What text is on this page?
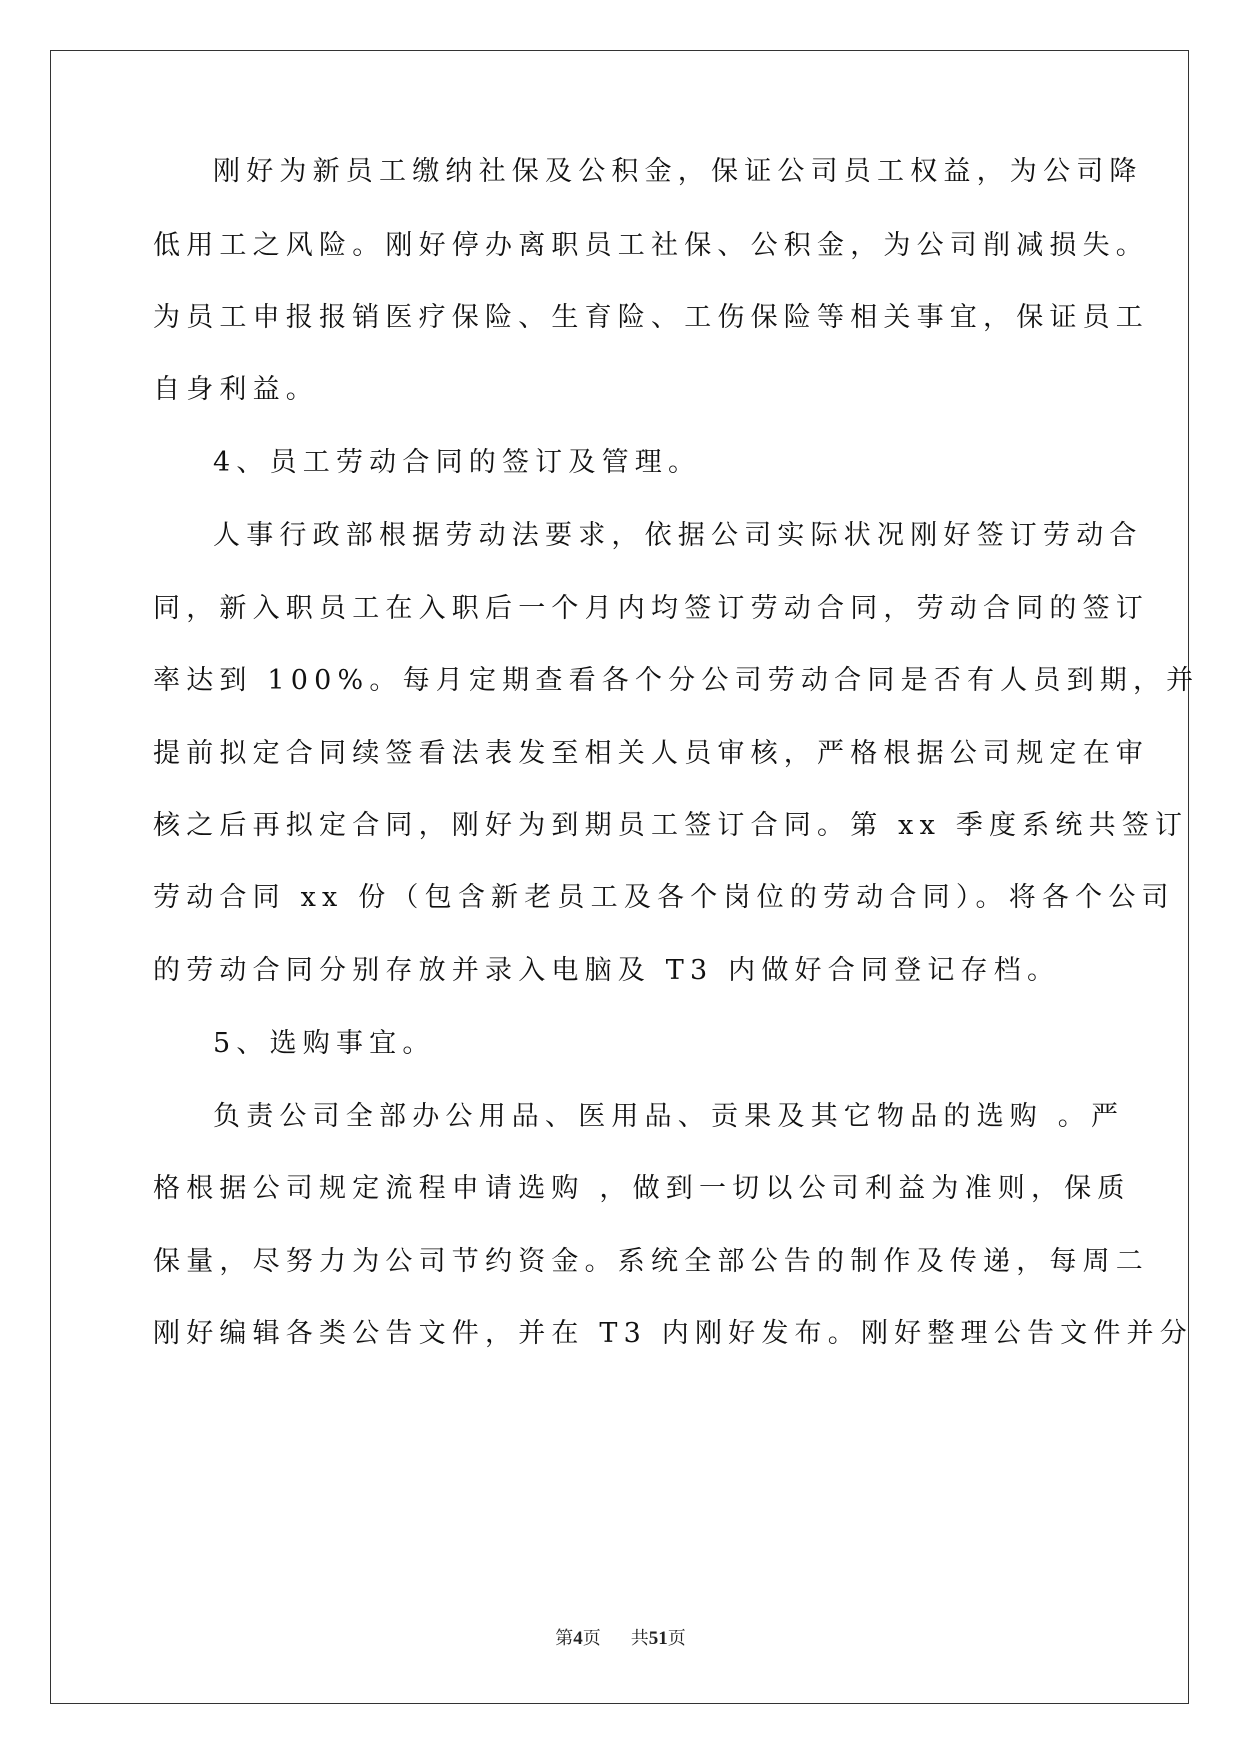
刚好为新员工缴纳社保及公积金，保证公司员工权益，为公司降
低用工之风险。刚好停办离职员工社保、公积金，为公司削减损失。
为员工申报报销医疗保险、生育险、工伤保险等相关事宜，保证员工
自身利益。
4、员工劳动合同的签订及管理。
人事行政部根据劳动法要求，依据公司实际状况刚好签订劳动合
同，新入职员工在入职后一个月内均签订劳动合同，劳动合同的签订
率达到 100%。每月定期查看各个分公司劳动合同是否有人员到期，并
提前拟定合同续签看法表发至相关人员审核，严格根据公司规定在审
核之后再拟定合同，刚好为到期员工签订合同。第 xx 季度系统共签订
劳动合同 xx 份（包含新老员工及各个岗位的劳动合同）。将各个公司
的劳动合同分别存放并录入电脑及 T3 内做好合同登记存档。
5、选购事宜。
负责公司全部办公用品、医用品、贡果及其它物品的选购 。严
格根据公司规定流程申请选购 ，做到一切以公司利益为准则，保质
保量，尽努力为公司节约资金。系统全部公告的制作及传递，每周二
刚好编辑各类公告文件，并在 T3 内刚好发布。刚好整理公告文件并分
第4页 共51页
